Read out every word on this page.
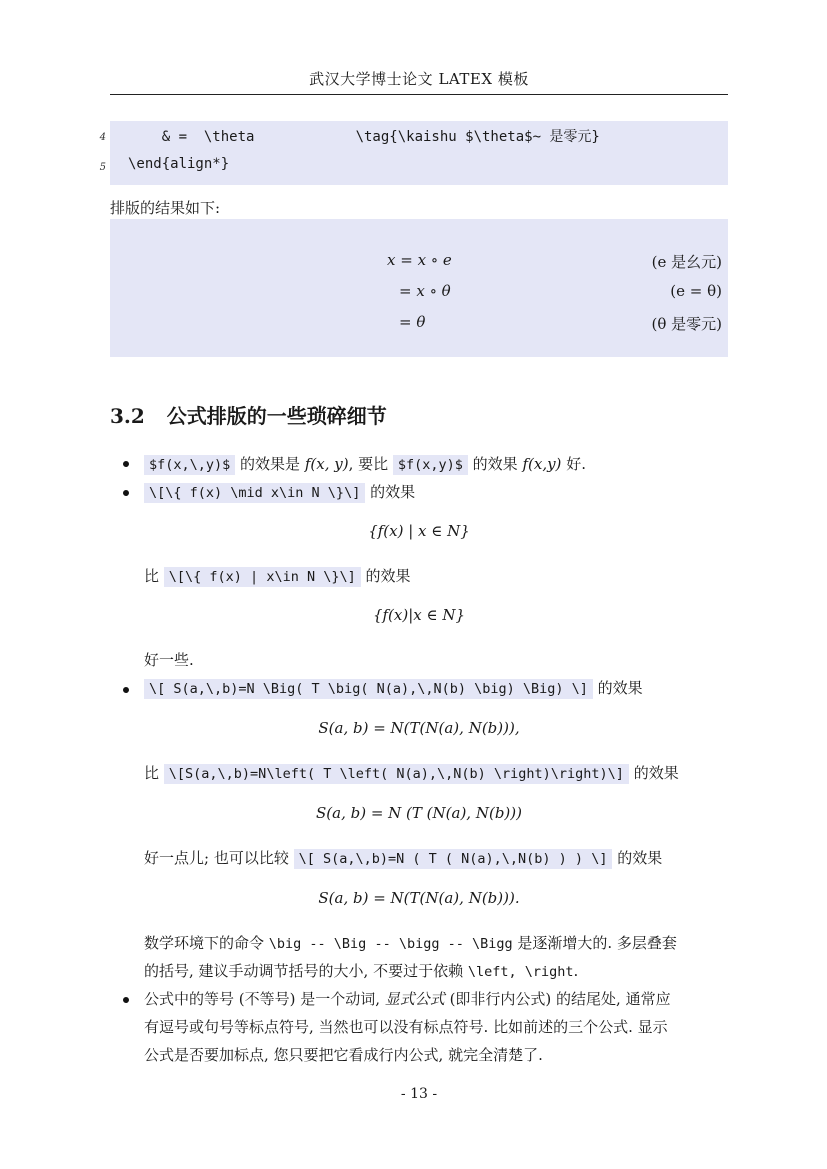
武汉大学博士论文 LATEX 模板

4

& =  \theta            \tag{\kaishu $\theta$~ 是零元}

5

\end{align*}

排版的结果如下:
x = x ∘ e	(e 是幺元)
= x ∘ θ	(e = θ)
= θ	(θ 是零元)
3.2 公式排版的一些琐碎细节
$f(x,\,y)$ 的效果是 f(x, y), 要比 $f(x,y)$ 的效果 f(x,y) 好.
\[\{ f(x) \mid x\in N \}\] 的效果
{f(x) | x ∈ N}
比 \[\{ f(x) | x\in N \}\] 的效果
{f(x)|x ∈ N}
好一些.
\[ S(a,\,b)=N \Big( T \big( N(a),\,N(b) \big) \Big) \] 的效果
S(a, b) = N(T(N(a), N(b))),
比 \[S(a,\,b)=N\left( T \left( N(a),\,N(b) \right)\right)\] 的效果
S(a, b) = N (T (N(a), N(b)))
好一点儿; 也可以比较 \[ S(a,\,b)=N ( T ( N(a),\,N(b) ) ) \] 的效果
S(a, b) = N(T(N(a), N(b))).
数学环境下的命令 \big -- \Big -- \bigg -- \Bigg 是逐渐增大的. 多层叠套
的括号, 建议手动调节括号的大小, 不要过于依赖 \left, \right.
公式中的等号 (不等号) 是一个动词, 显式公式 (即非行内公式) 的结尾处, 通常应
有逗号或句号等标点符号, 当然也可以没有标点符号. 比如前述的三个公式. 显示
公式是否要加标点, 您只要把它看成行内公式, 就完全清楚了.
- 13 -
